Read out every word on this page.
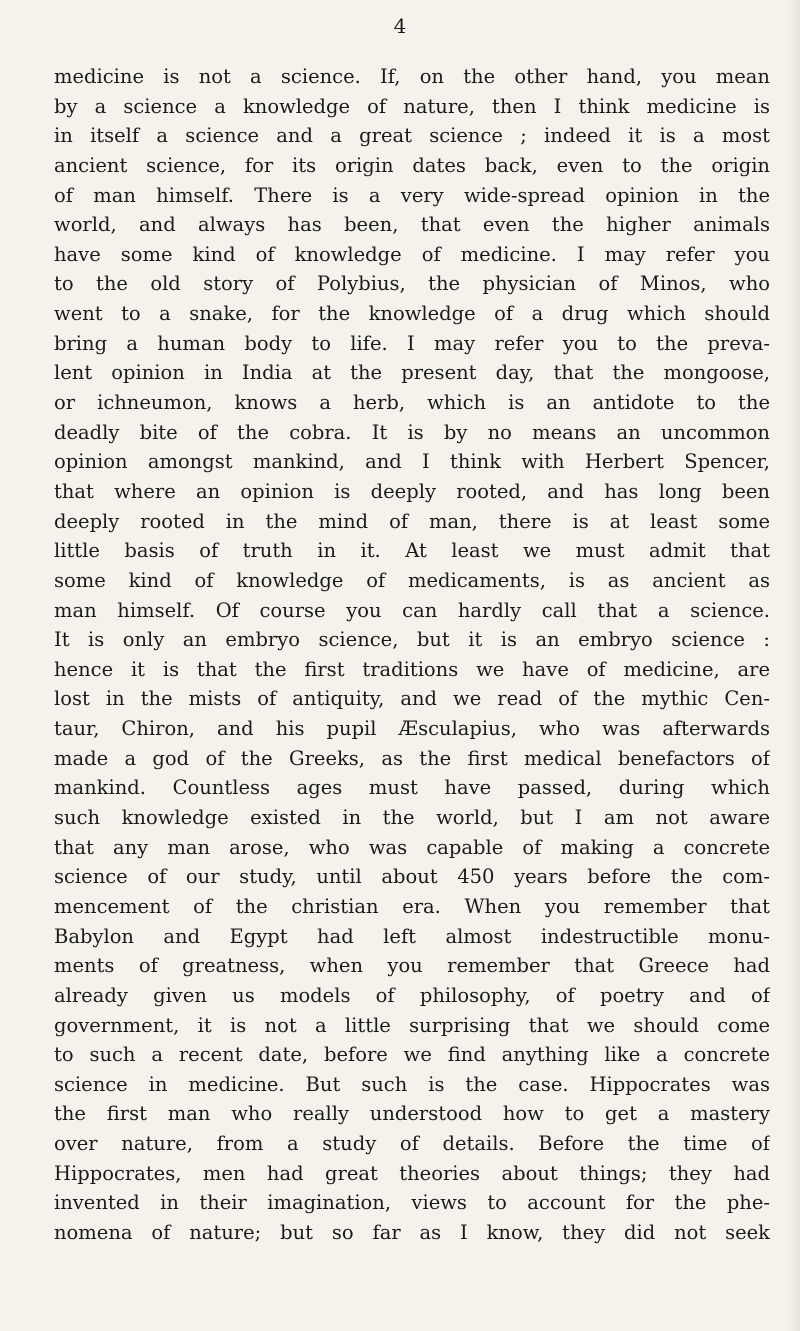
4
medicine is not a science. If, on the other hand, you mean
by a science a knowledge of nature, then I think medicine is
in itself a science and a great science ; indeed it is a most
ancient science, for its origin dates back, even to the origin
of man himself. There is a very wide-spread opinion in the
world, and always has been, that even the higher animals
have some kind of knowledge of medicine. I may refer you
to the old story of Polybius, the physician of Minos, who
went to a snake, for the knowledge of a drug which should
bring a human body to life. I may refer you to the preva-
lent opinion in India at the present day, that the mongoose,
or ichneumon, knows a herb, which is an antidote to the
deadly bite of the cobra. It is by no means an uncommon
opinion amongst mankind, and I think with Herbert Spencer,
that where an opinion is deeply rooted, and has long been
deeply rooted in the mind of man, there is at least some
little basis of truth in it. At least we must admit that
some kind of knowledge of medicaments, is as ancient as
man himself. Of course you can hardly call that a science.
It is only an embryo science, but it is an embryo science :
hence it is that the first traditions we have of medicine, are
lost in the mists of antiquity, and we read of the mythic Cen-
taur, Chiron, and his pupil Æsculapius, who was afterwards
made a god of the Greeks, as the first medical benefactors of
mankind. Countless ages must have passed, during which
such knowledge existed in the world, but I am not aware
that any man arose, who was capable of making a concrete
science of our study, until about 450 years before the com-
mencement of the christian era. When you remember that
Babylon and Egypt had left almost indestructible monu-
ments of greatness, when you remember that Greece had
already given us models of philosophy, of poetry and of
government, it is not a little surprising that we should come
to such a recent date, before we find anything like a concrete
science in medicine. But such is the case. Hippocrates was
the first man who really understood how to get a mastery
over nature, from a study of details. Before the time of
Hippocrates, men had great theories about things; they had
invented in their imagination, views to account for the phe-
nomena of nature; but so far as I know, they did not seek
